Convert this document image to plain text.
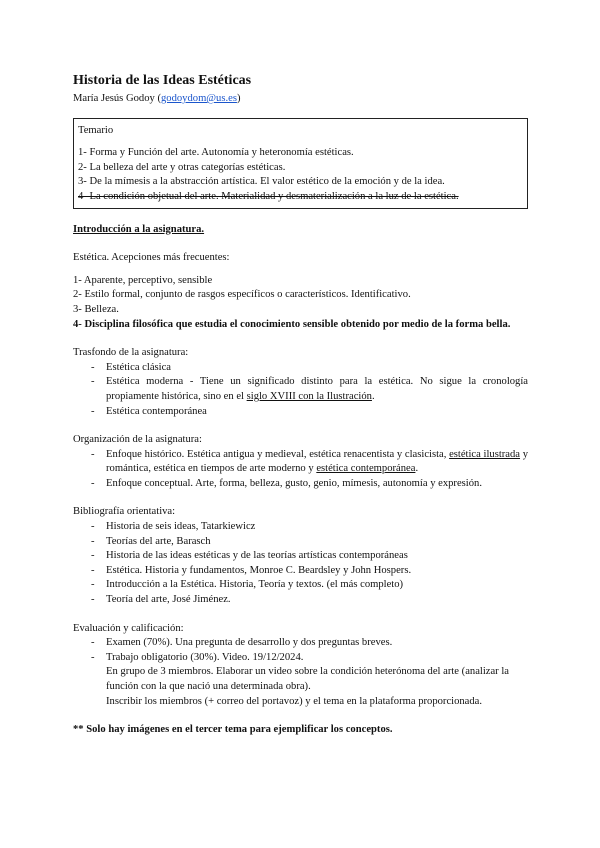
Historia de las Ideas Estéticas

María Jesús Godoy (godoydom@us.es)

Temario

1- Forma y Función del arte. Autonomía y heteronomía estéticas.

2- La belleza del arte y otras categorías estéticas.

3- De la mímesis a la abstracción artística. El valor estético de la emoción y de la idea.

4- La condición objetual del arte. Materialidad y desmaterialización a la luz de la estética.

Introducción a la asignatura.

Estética. Acepciones más frecuentes:

1- Aparente, perceptivo, sensible

2- Estilo formal, conjunto de rasgos específicos o característicos. Identificativo.

3- Belleza.

4- Disciplina filosófica que estudia el conocimiento sensible obtenido por medio de la forma bella.

Trasfondo de la asignatura:

- Estética clásica
- Estética moderna - Tiene un significado distinto para la estética. No sigue la cronología propiamente histórica, sino en el siglo XVIII con la Ilustración.
- Estética contemporánea

Organización de la asignatura:

- Enfoque histórico. Estética antigua y medieval, estética renacentista y clasicista, estética ilustrada y romántica, estética en tiempos de arte moderno y estética contemporánea.
- Enfoque conceptual. Arte, forma, belleza, gusto, genio, mímesis, autonomía y expresión.

Bibliografía orientativa:

- Historia de seis ideas, Tatarkiewicz
- Teorías del arte, Barasch
- Historia de las ideas estéticas y de las teorías artísticas contemporáneas
- Estética. Historia y fundamentos, Monroe C. Beardsley y John Hospers.
- Introducción a la Estética. Historia, Teoría y textos. (el más completo)
- Teoría del arte, José Jiménez.

Evaluación y calificación:

- Examen (70%). Una pregunta de desarrollo y dos preguntas breves.
- Trabajo obligatorio (30%). Video. 19/12/2024.

En grupo de 3 miembros. Elaborar un video sobre la condición heterónoma del arte (analizar la función con la que nació una determinada obra).

Inscribir los miembros (+ correo del portavoz) y el tema en la plataforma proporcionada.

** Solo hay imágenes en el tercer tema para ejemplificar los conceptos.
